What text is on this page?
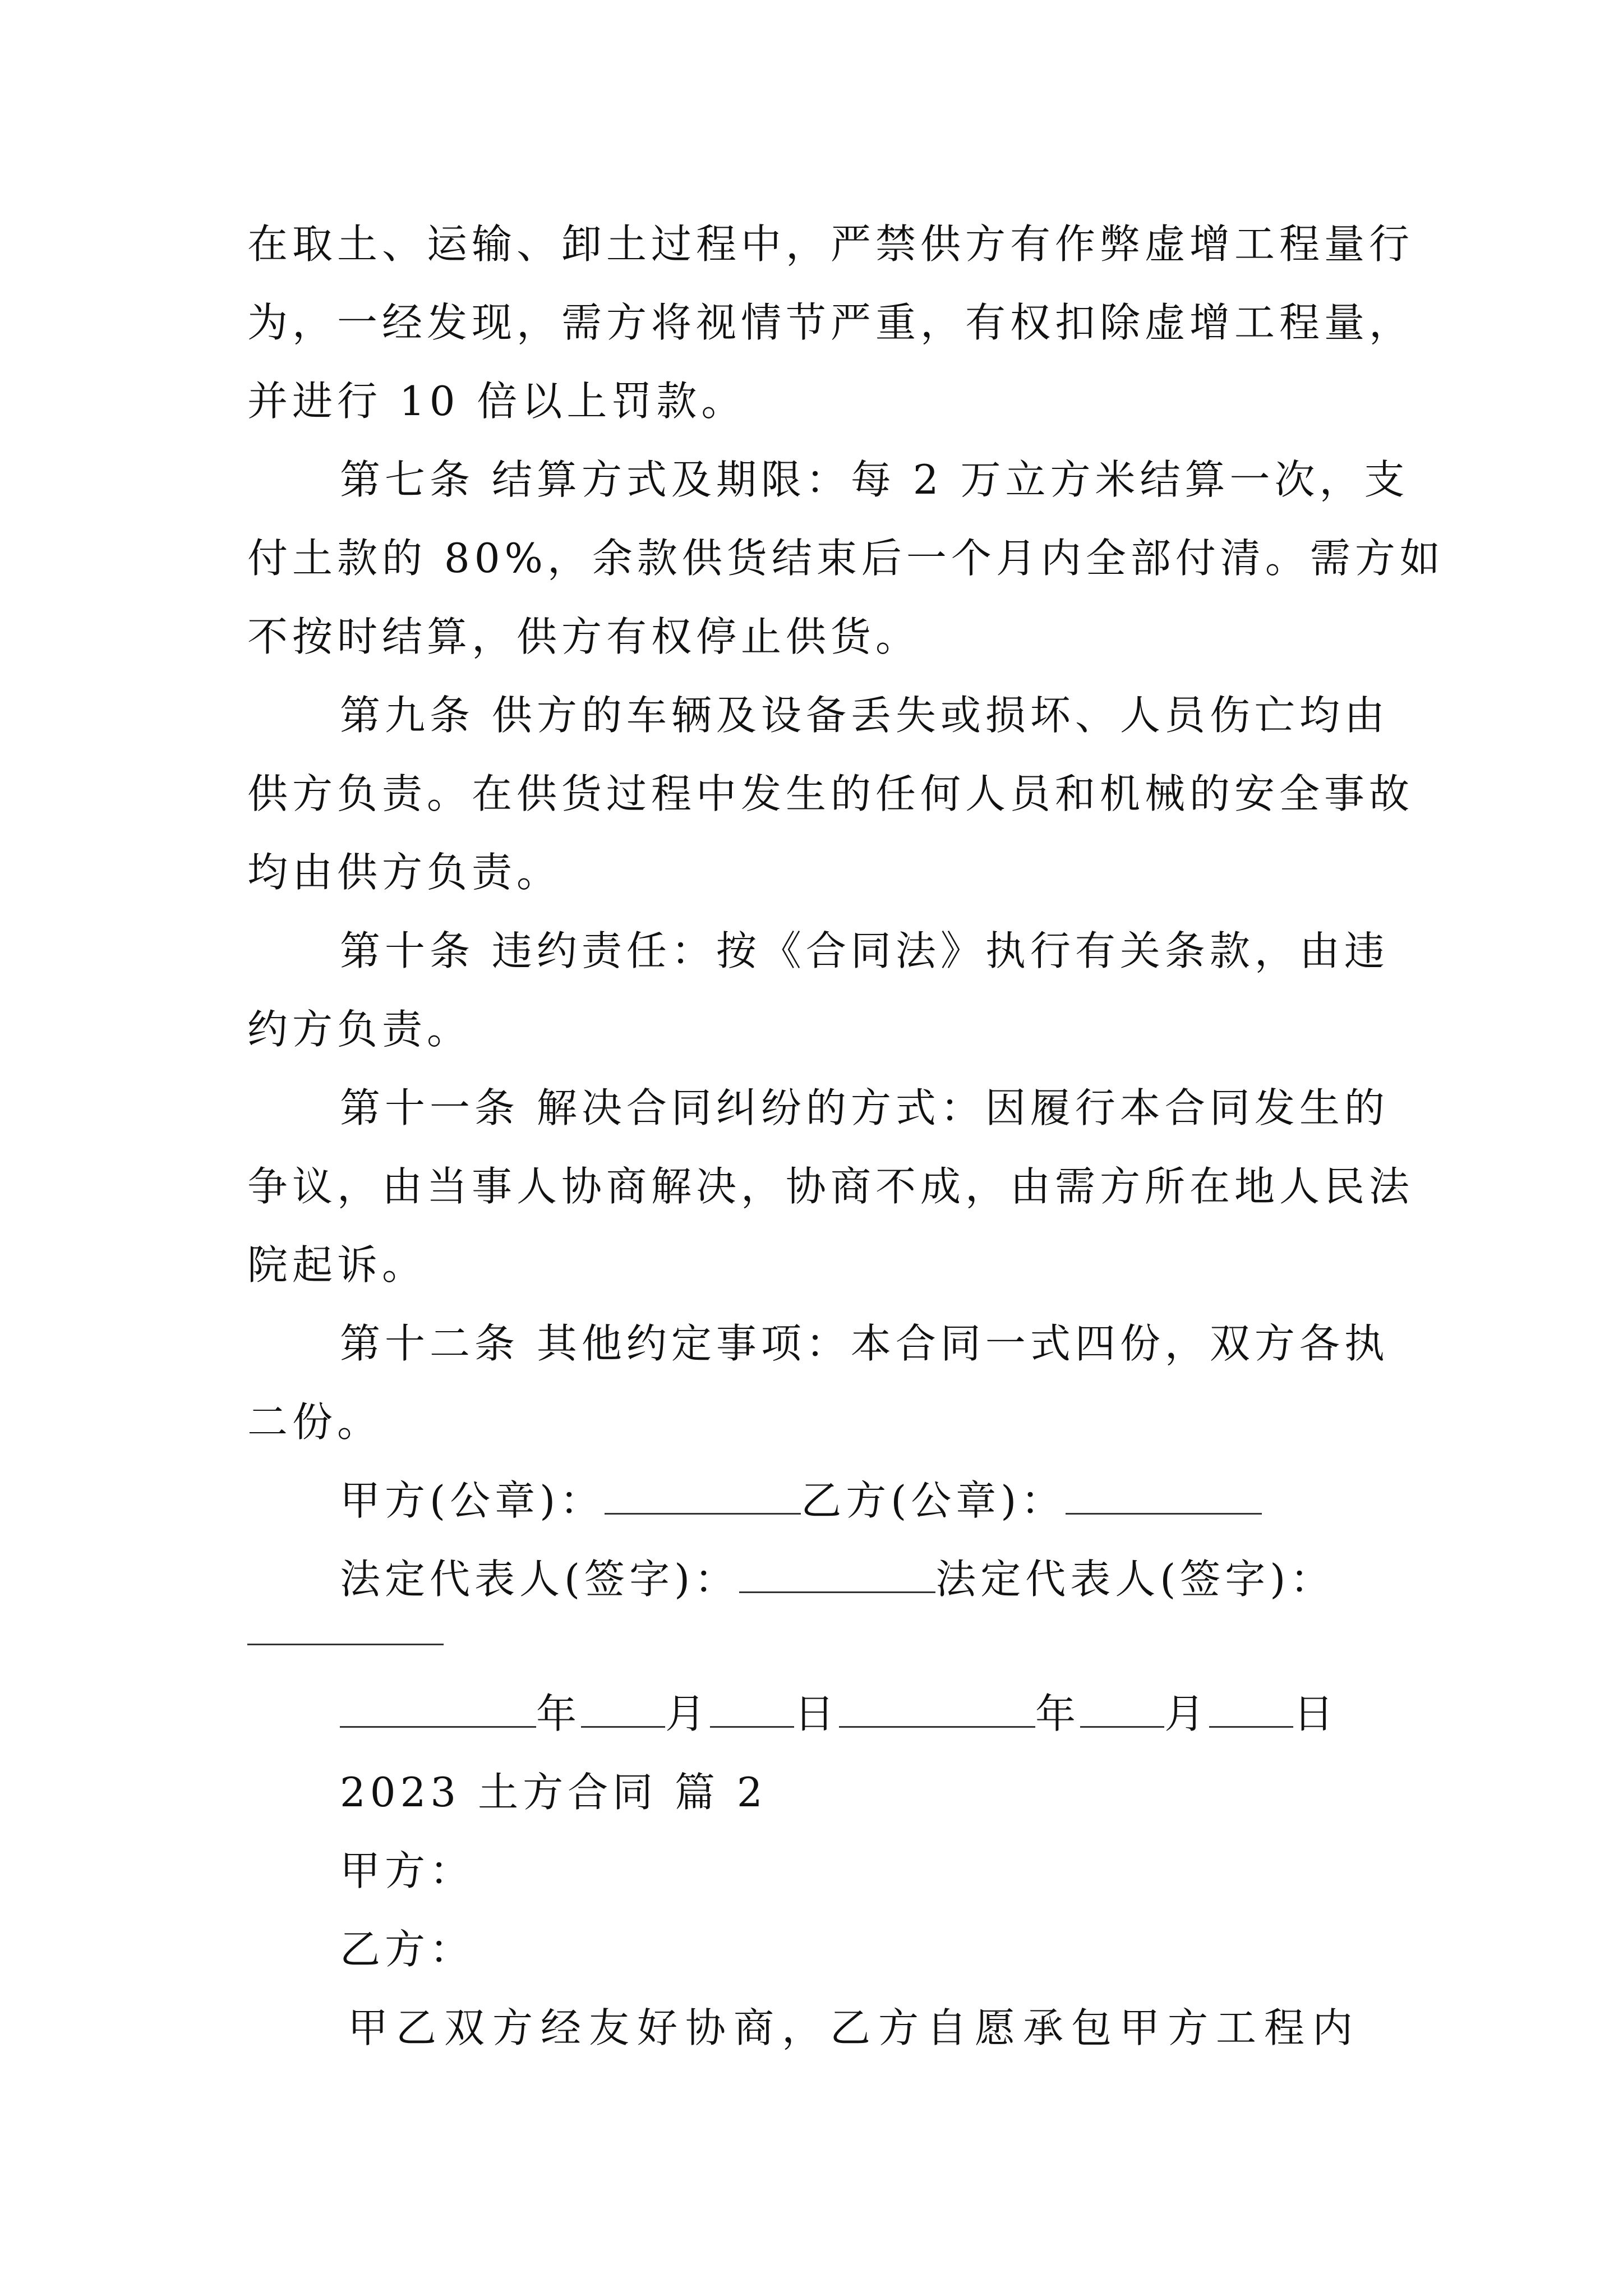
在取土、运输、卸土过程中，严禁供方有作弊虚增工程量行
为，一经发现，需方将视情节严重，有权扣除虚增工程量，
并进行 10 倍以上罚款。
第七条 结算方式及期限：每 2 万立方米结算一次，支
付土款的 80%，余款供货结束后一个月内全部付清。需方如
不按时结算，供方有权停止供货。
第九条 供方的车辆及设备丢失或损坏、人员伤亡均由
供方负责。在供货过程中发生的任何人员和机械的安全事故
均由供方负责。
第十条 违约责任：按《合同法》执行有关条款，由违
约方负责。
第十一条 解决合同纠纷的方式：因履行本合同发生的
争议，由当事人协商解决，协商不成，由需方所在地人民法
院起诉。
第十二条 其他约定事项：本合同一式四份，双方各执
二份。
甲方(公章)：	乙方(公章)：
法定代表人(签字)：	法定代表人(签字)：
年 月 日	年 月 日
2023 土方合同 篇 2
甲方：
乙方：
甲乙双方经友好协商，乙方自愿承包甲方工程内
